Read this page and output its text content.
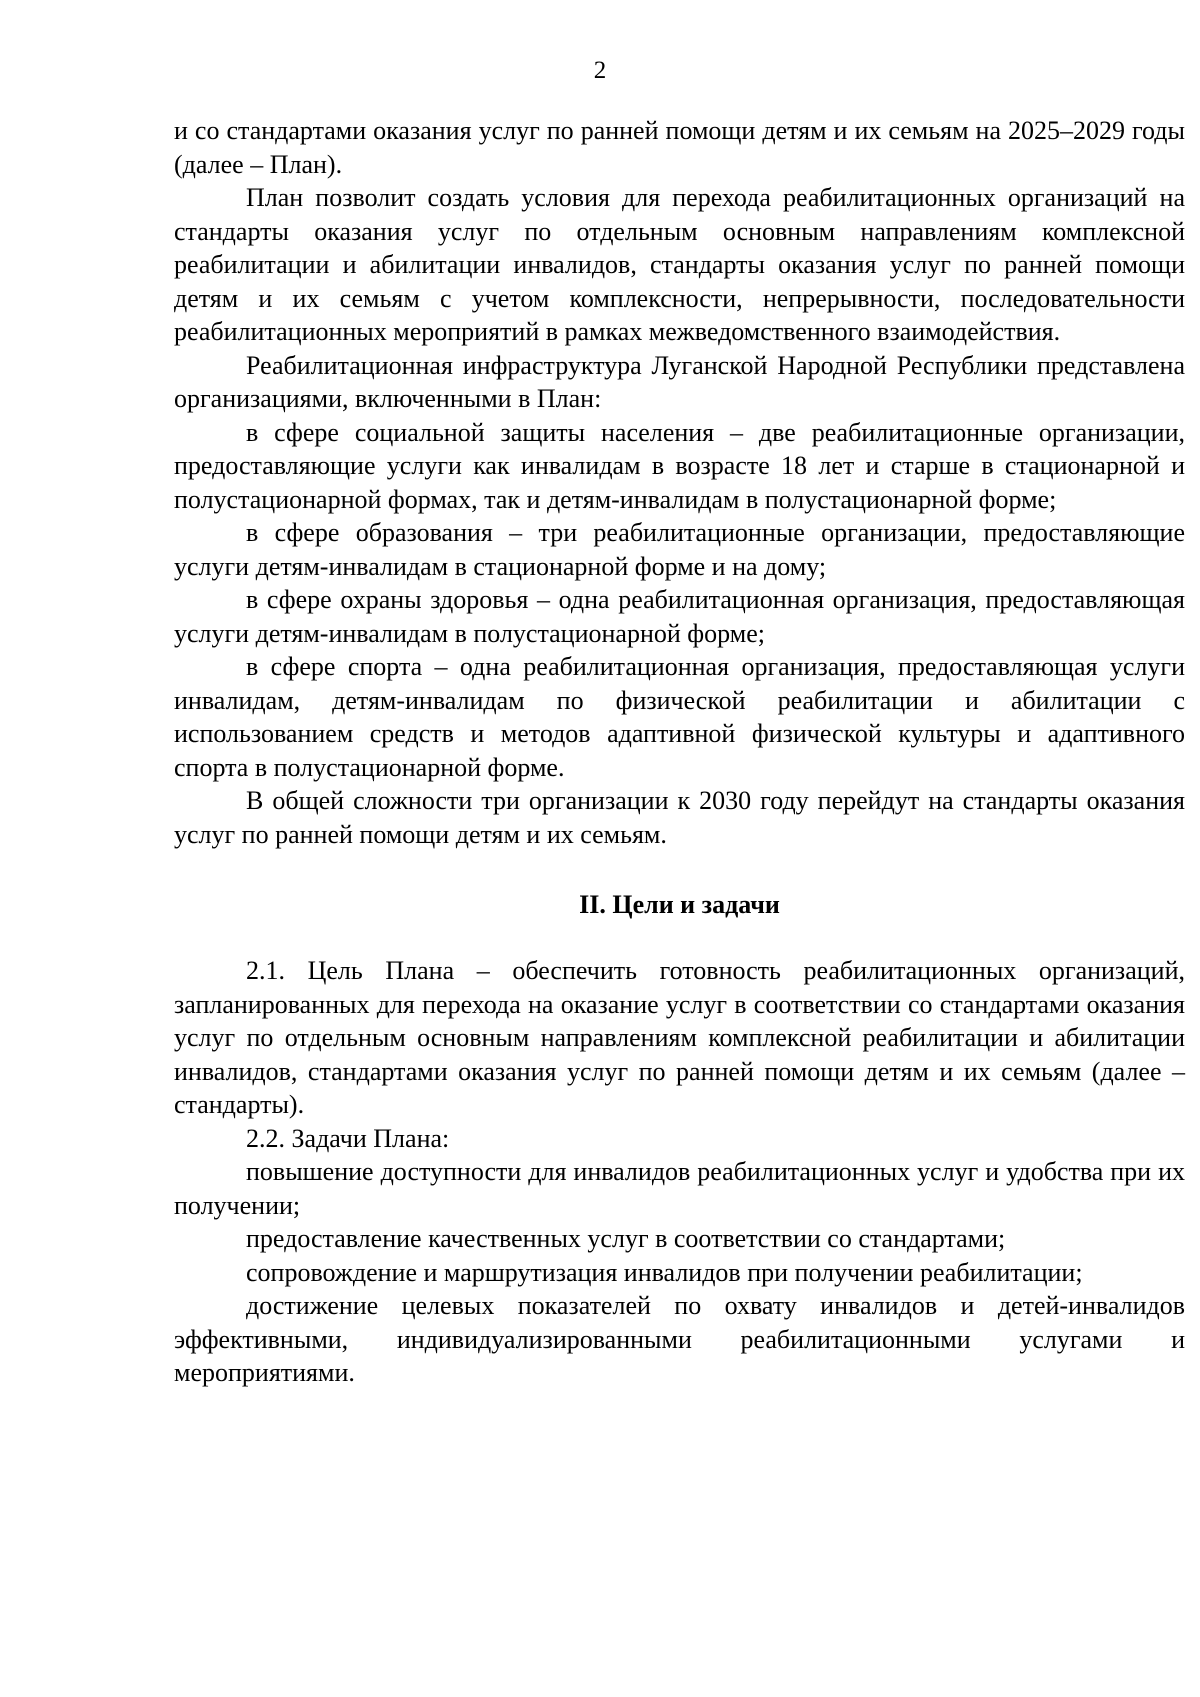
2

и со стандартами оказания услуг по ранней помощи детям и их семьям на 2025–2029 годы (далее – План).

План позволит создать условия для перехода реабилитационных организаций на стандарты оказания услуг по отдельным основным направлениям комплексной реабилитации и абилитации инвалидов, стандарты оказания услуг по ранней помощи детям и их семьям с учетом комплексности, непрерывности, последовательности реабилитационных мероприятий в рамках межведомственного взаимодействия.

Реабилитационная инфраструктура Луганской Народной Республики представлена организациями, включенными в План:

в сфере социальной защиты населения – две реабилитационные организации, предоставляющие услуги как инвалидам в возрасте 18 лет и старше в стационарной и полустационарной формах, так и детям-инвалидам в полустационарной форме;

в сфере образования – три реабилитационные организации, предоставляющие услуги детям-инвалидам в стационарной форме и на дому;

в сфере охраны здоровья – одна реабилитационная организация, предоставляющая услуги детям-инвалидам в полустационарной форме;

в сфере спорта – одна реабилитационная организация, предоставляющая услуги инвалидам, детям-инвалидам по физической реабилитации и абилитации с использованием средств и методов адаптивной физической культуры и адаптивного спорта в полустационарной форме.

В общей сложности три организации к 2030 году перейдут на стандарты оказания услуг по ранней помощи детям и их семьям.

II. Цели и задачи

2.1. Цель Плана – обеспечить готовность реабилитационных организаций, запланированных для перехода на оказание услуг в соответствии со стандартами оказания услуг по отдельным основным направлениям комплексной реабилитации и абилитации инвалидов, стандартами оказания услуг по ранней помощи детям и их семьям (далее – стандарты).

2.2. Задачи Плана:

повышение доступности для инвалидов реабилитационных услуг и удобства при их получении;

предоставление качественных услуг в соответствии со стандартами;

сопровождение и маршрутизация инвалидов при получении реабилитации;

достижение целевых показателей по охвату инвалидов и детей-инвалидов эффективными, индивидуализированными реабилитационными услугами и мероприятиями.
